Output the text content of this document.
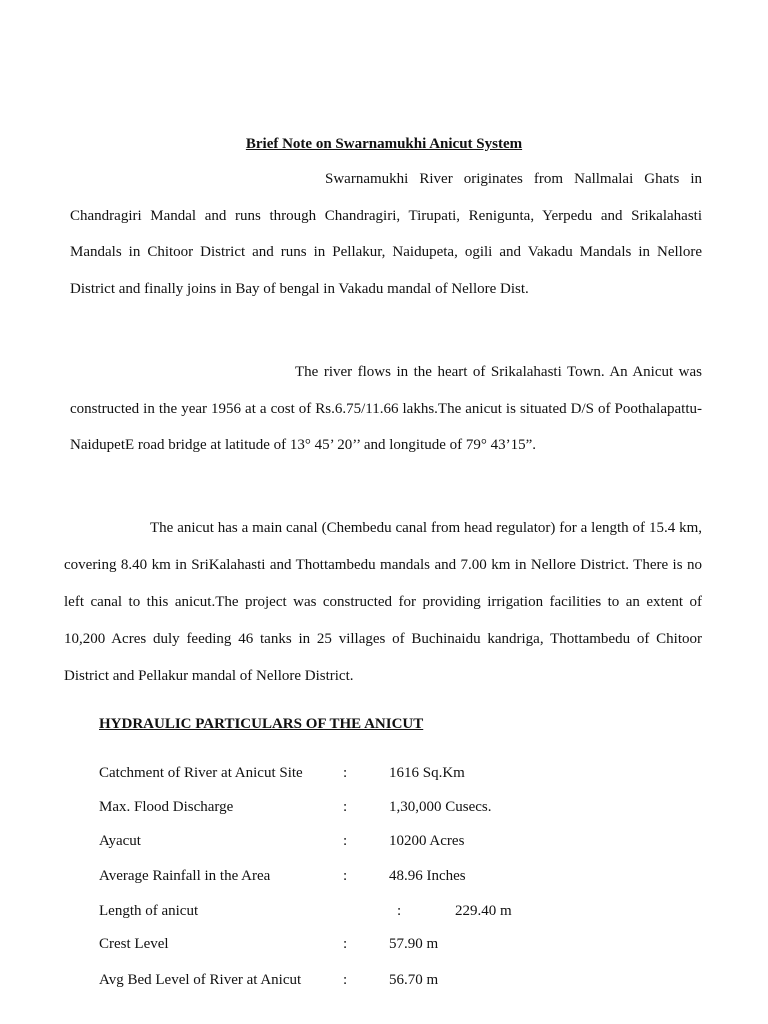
Brief Note on Swarnamukhi Anicut System

Swarnamukhi River originates from Nallmalai Ghats in Chandragiri Mandal and runs through Chandragiri, Tirupati, Renigunta, Yerpedu and Srikalahasti Mandals in Chitoor District and runs in Pellakur, Naidupeta, ogili and Vakadu Mandals in Nellore District and finally joins in Bay of bengal in Vakadu mandal of Nellore Dist.

The river flows in the heart of Srikalahasti Town. An Anicut was constructed in the year 1956 at a cost of Rs.6.75/11.66 lakhs.The anicut is situated D/S of Poothalapattu-NaidupetE road bridge at latitude of 13° 45’ 20’’ and longitude of 79° 43’15”.

The anicut has a main canal (Chembedu canal from head regulator) for a length of 15.4 km, covering 8.40 km in SriKalahasti and Thottambedu mandals and 7.00 km in Nellore District. There is no left canal to this anicut.The project was constructed for providing irrigation facilities to an extent of 10,200 Acres duly feeding 46 tanks in 25 villages of Buchinaidu kandriga, Thottambedu of Chitoor District and Pellakur mandal of Nellore District.

HYDRAULIC PARTICULARS OF THE ANICUT
Catchment of River at Anicut Site	:	1616 Sq.Km
Max. Flood Discharge	:	1,30,000 Cusecs.
Ayacut	:	10200 Acres
Average Rainfall in the Area	:	48.96 Inches
Length of anicut	:	229.40 m
Crest Level	:	57.90 m
Avg Bed Level of River at Anicut	:	56.70 m
